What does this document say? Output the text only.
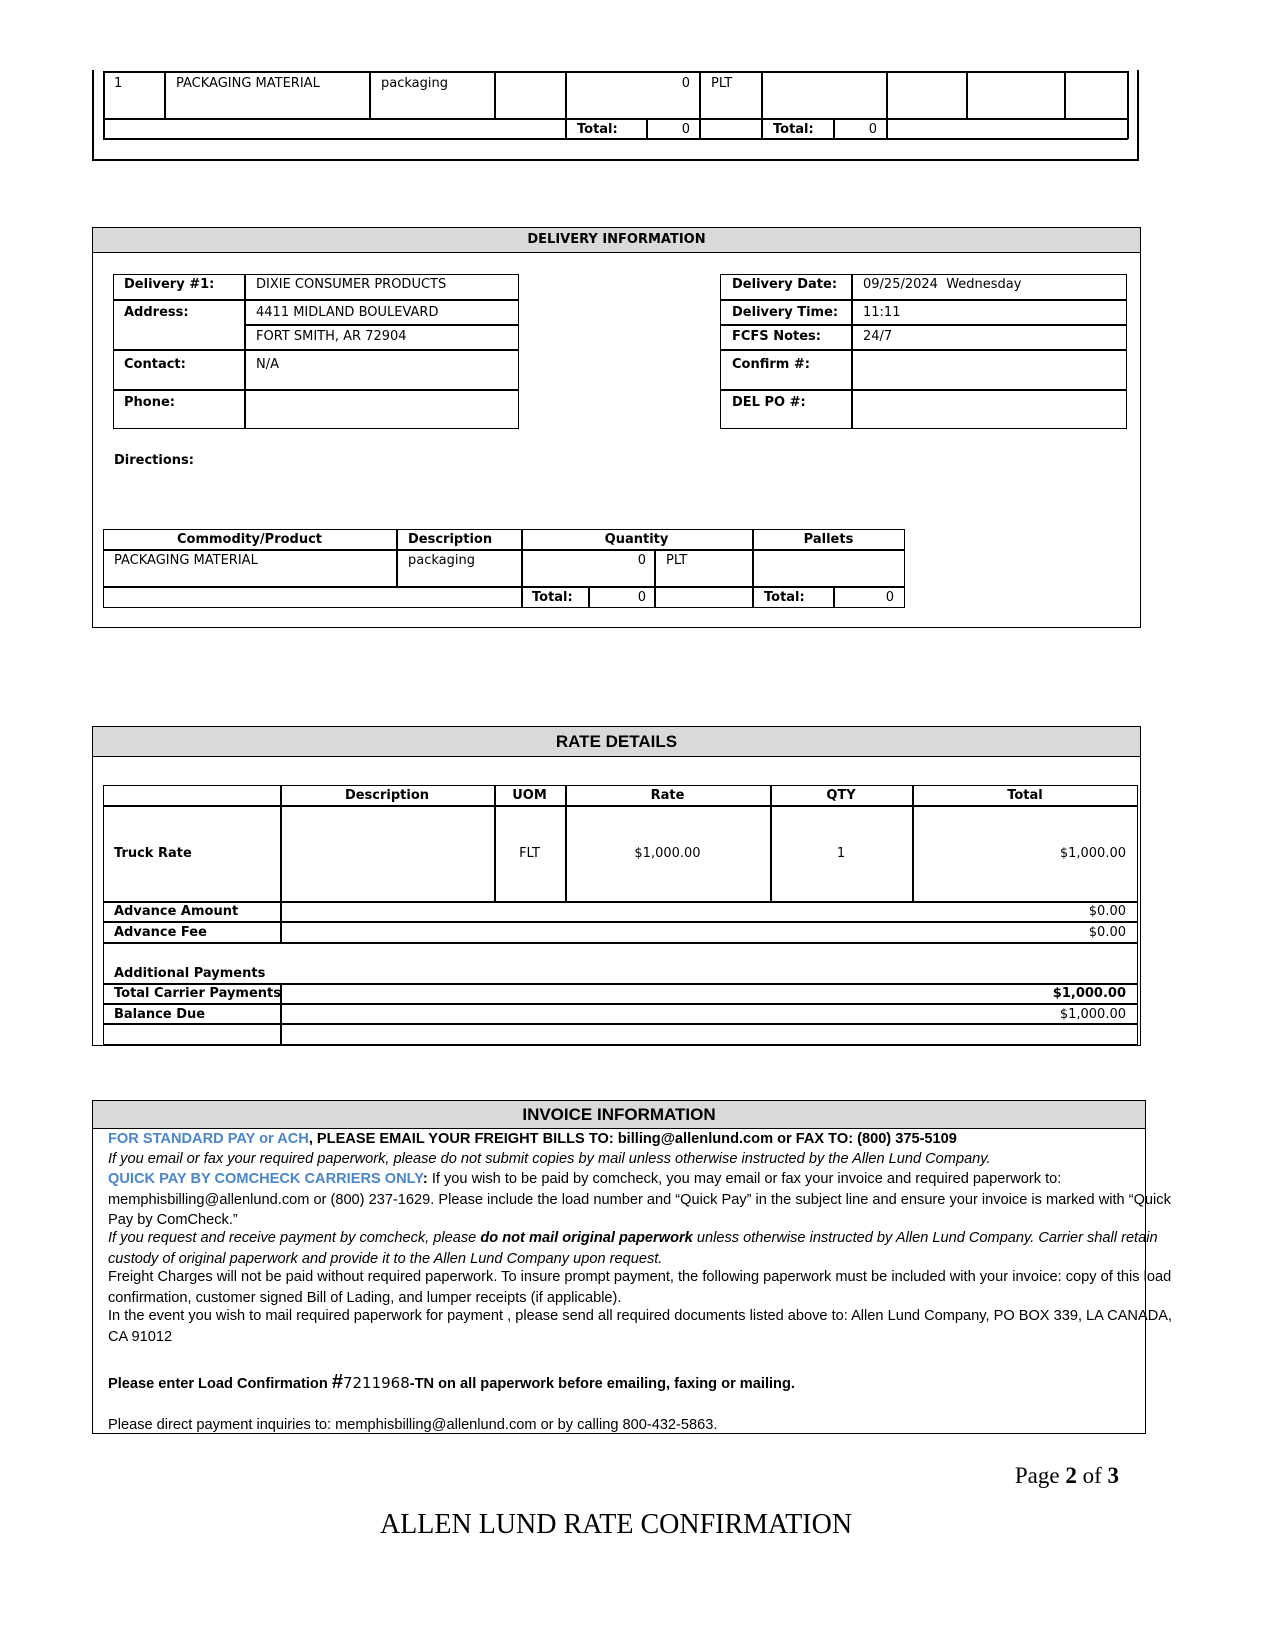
1	PACKAGING MATERIAL	packaging	0 PLT
Total:	0	Total:	0
DELIVERY INFORMATION
Delivery #1:	DIXIE CONSUMER PRODUCTS
Address:	4411 MIDLAND BOULEVARD
FORT SMITH, AR 72904
Contact:	N/A
Phone:
Delivery Date: 09/25/2024  Wednesday
Delivery Time: 11:11
FCFS Notes:	24/7
Confirm #:
DEL PO #:
Directions:
Commodity/Product	Description	Quantity	Pallets
PACKAGING MATERIAL	packaging	0 PLT
Total:	0	Total:	0
RATE DETAILS
Description	UOM	Rate	QTY	Total
Truck Rate	FLT	$1,000.00	1	$1,000.00
Advance Amount	$0.00
Advance Fee	$0.00
Additional Payments
Total Carrier Payments	$1,000.00
Balance Due	$1,000.00
INVOICE INFORMATION
FOR STANDARD PAY or ACH, PLEASE EMAIL YOUR FREIGHT BILLS TO: billing@allenlund.com or FAX TO: (800) 375-5109
If you email or fax your required paperwork, please do not submit copies by mail unless otherwise instructed by the Allen Lund Company.
QUICK PAY BY COMCHECK CARRIERS ONLY: If you wish to be paid by comcheck, you may email or fax your invoice and required paperwork to: memphisbilling@allenlund.com or (800) 237-1629. Please include the load number and “Quick Pay” in the subject line and ensure your invoice is marked with “Quick Pay by ComCheck.”
If you request and receive payment by comcheck, please do not mail original paperwork unless otherwise instructed by Allen Lund Company. Carrier shall retain custody of original paperwork and provide it to the Allen Lund Company upon request.
Freight Charges will not be paid without required paperwork. To insure prompt payment, the following paperwork must be included with your invoice: copy of this load confirmation, customer signed Bill of Lading, and lumper receipts (if applicable).
In the event you wish to mail required paperwork for payment , please send all required documents listed above to: Allen Lund Company, PO BOX 339, LA CANADA, CA 91012
Please enter Load Confirmation #7211968-TN on all paperwork before emailing, faxing or mailing.
Please direct payment inquiries to: memphisbilling@allenlund.com or by calling 800-432-5863.
Page 2 of 3
ALLEN LUND RATE CONFIRMATION
